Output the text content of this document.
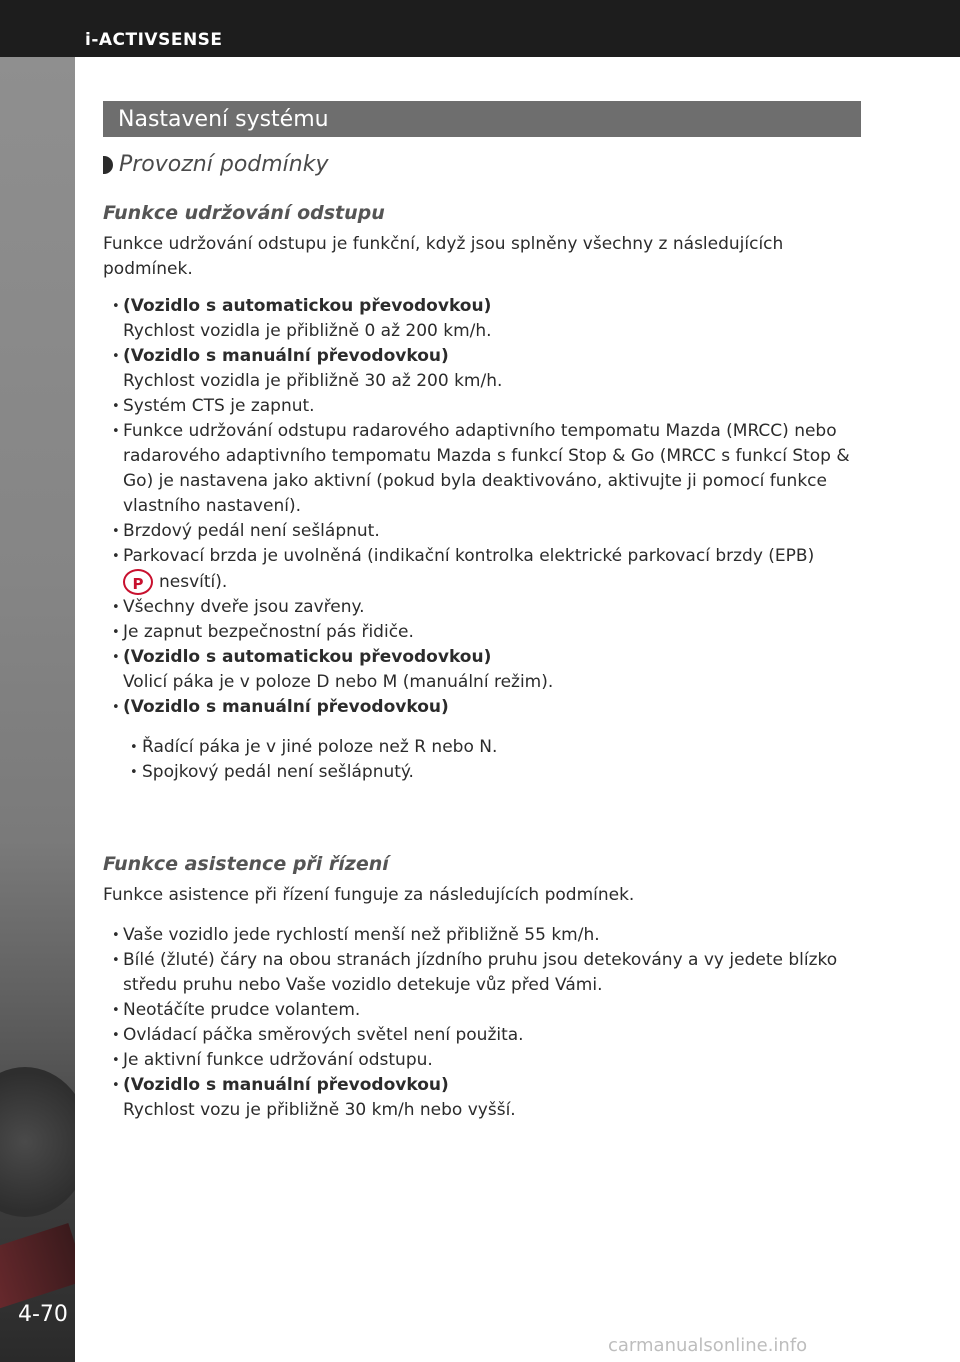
i-ACTIVSENSE
4-70
Nastavení systému
Provozní podmínky
Funkce udržování odstupu
Funkce udržování odstupu je funkční, když jsou splněny všechny z následujících podmínek.
• (Vozidlo s automatickou převodovkou)
Rychlost vozidla je přibližně 0 až 200 km/h.
• (Vozidlo s manuální převodovkou)
Rychlost vozidla je přibližně 30 až 200 km/h.
• Systém CTS je zapnut.
• Funkce udržování odstupu radarového adaptivního tempomatu Mazda (MRCC) nebo radarového adaptivního tempomatu Mazda s funkcí Stop & Go (MRCC s funkcí Stop & Go) je nastavena jako aktivní (pokud byla deaktivováno, aktivujte ji pomocí funkce vlastního nastavení).
• Brzdový pedál není sešlápnut.
• Parkovací brzda je uvolněná (indikační kontrolka elektrické parkovací brzdy (EPB)
P nesvítí).
• Všechny dveře jsou zavřeny.
• Je zapnut bezpečnostní pás řidiče.
• (Vozidlo s automatickou převodovkou)
Volicí páka je v poloze D nebo M (manuální režim).
• (Vozidlo s manuální převodovkou)
• Řadící páka je v jiné poloze než R nebo N.
• Spojkový pedál není sešlápnutý.
Funkce asistence při řízení
Funkce asistence při řízení funguje za následujících podmínek.
• Vaše vozidlo jede rychlostí menší než přibližně 55 km/h.
• Bílé (žluté) čáry na obou stranách jízdního pruhu jsou detekovány a vy jedete blízko středu pruhu nebo Vaše vozidlo detekuje vůz před Vámi.
• Neotáčíte prudce volantem.
• Ovládací páčka směrových světel není použita.
• Je aktivní funkce udržování odstupu.
• (Vozidlo s manuální převodovkou)
Rychlost vozu je přibližně 30 km/h nebo vyšší.
carmanualsonline.info
